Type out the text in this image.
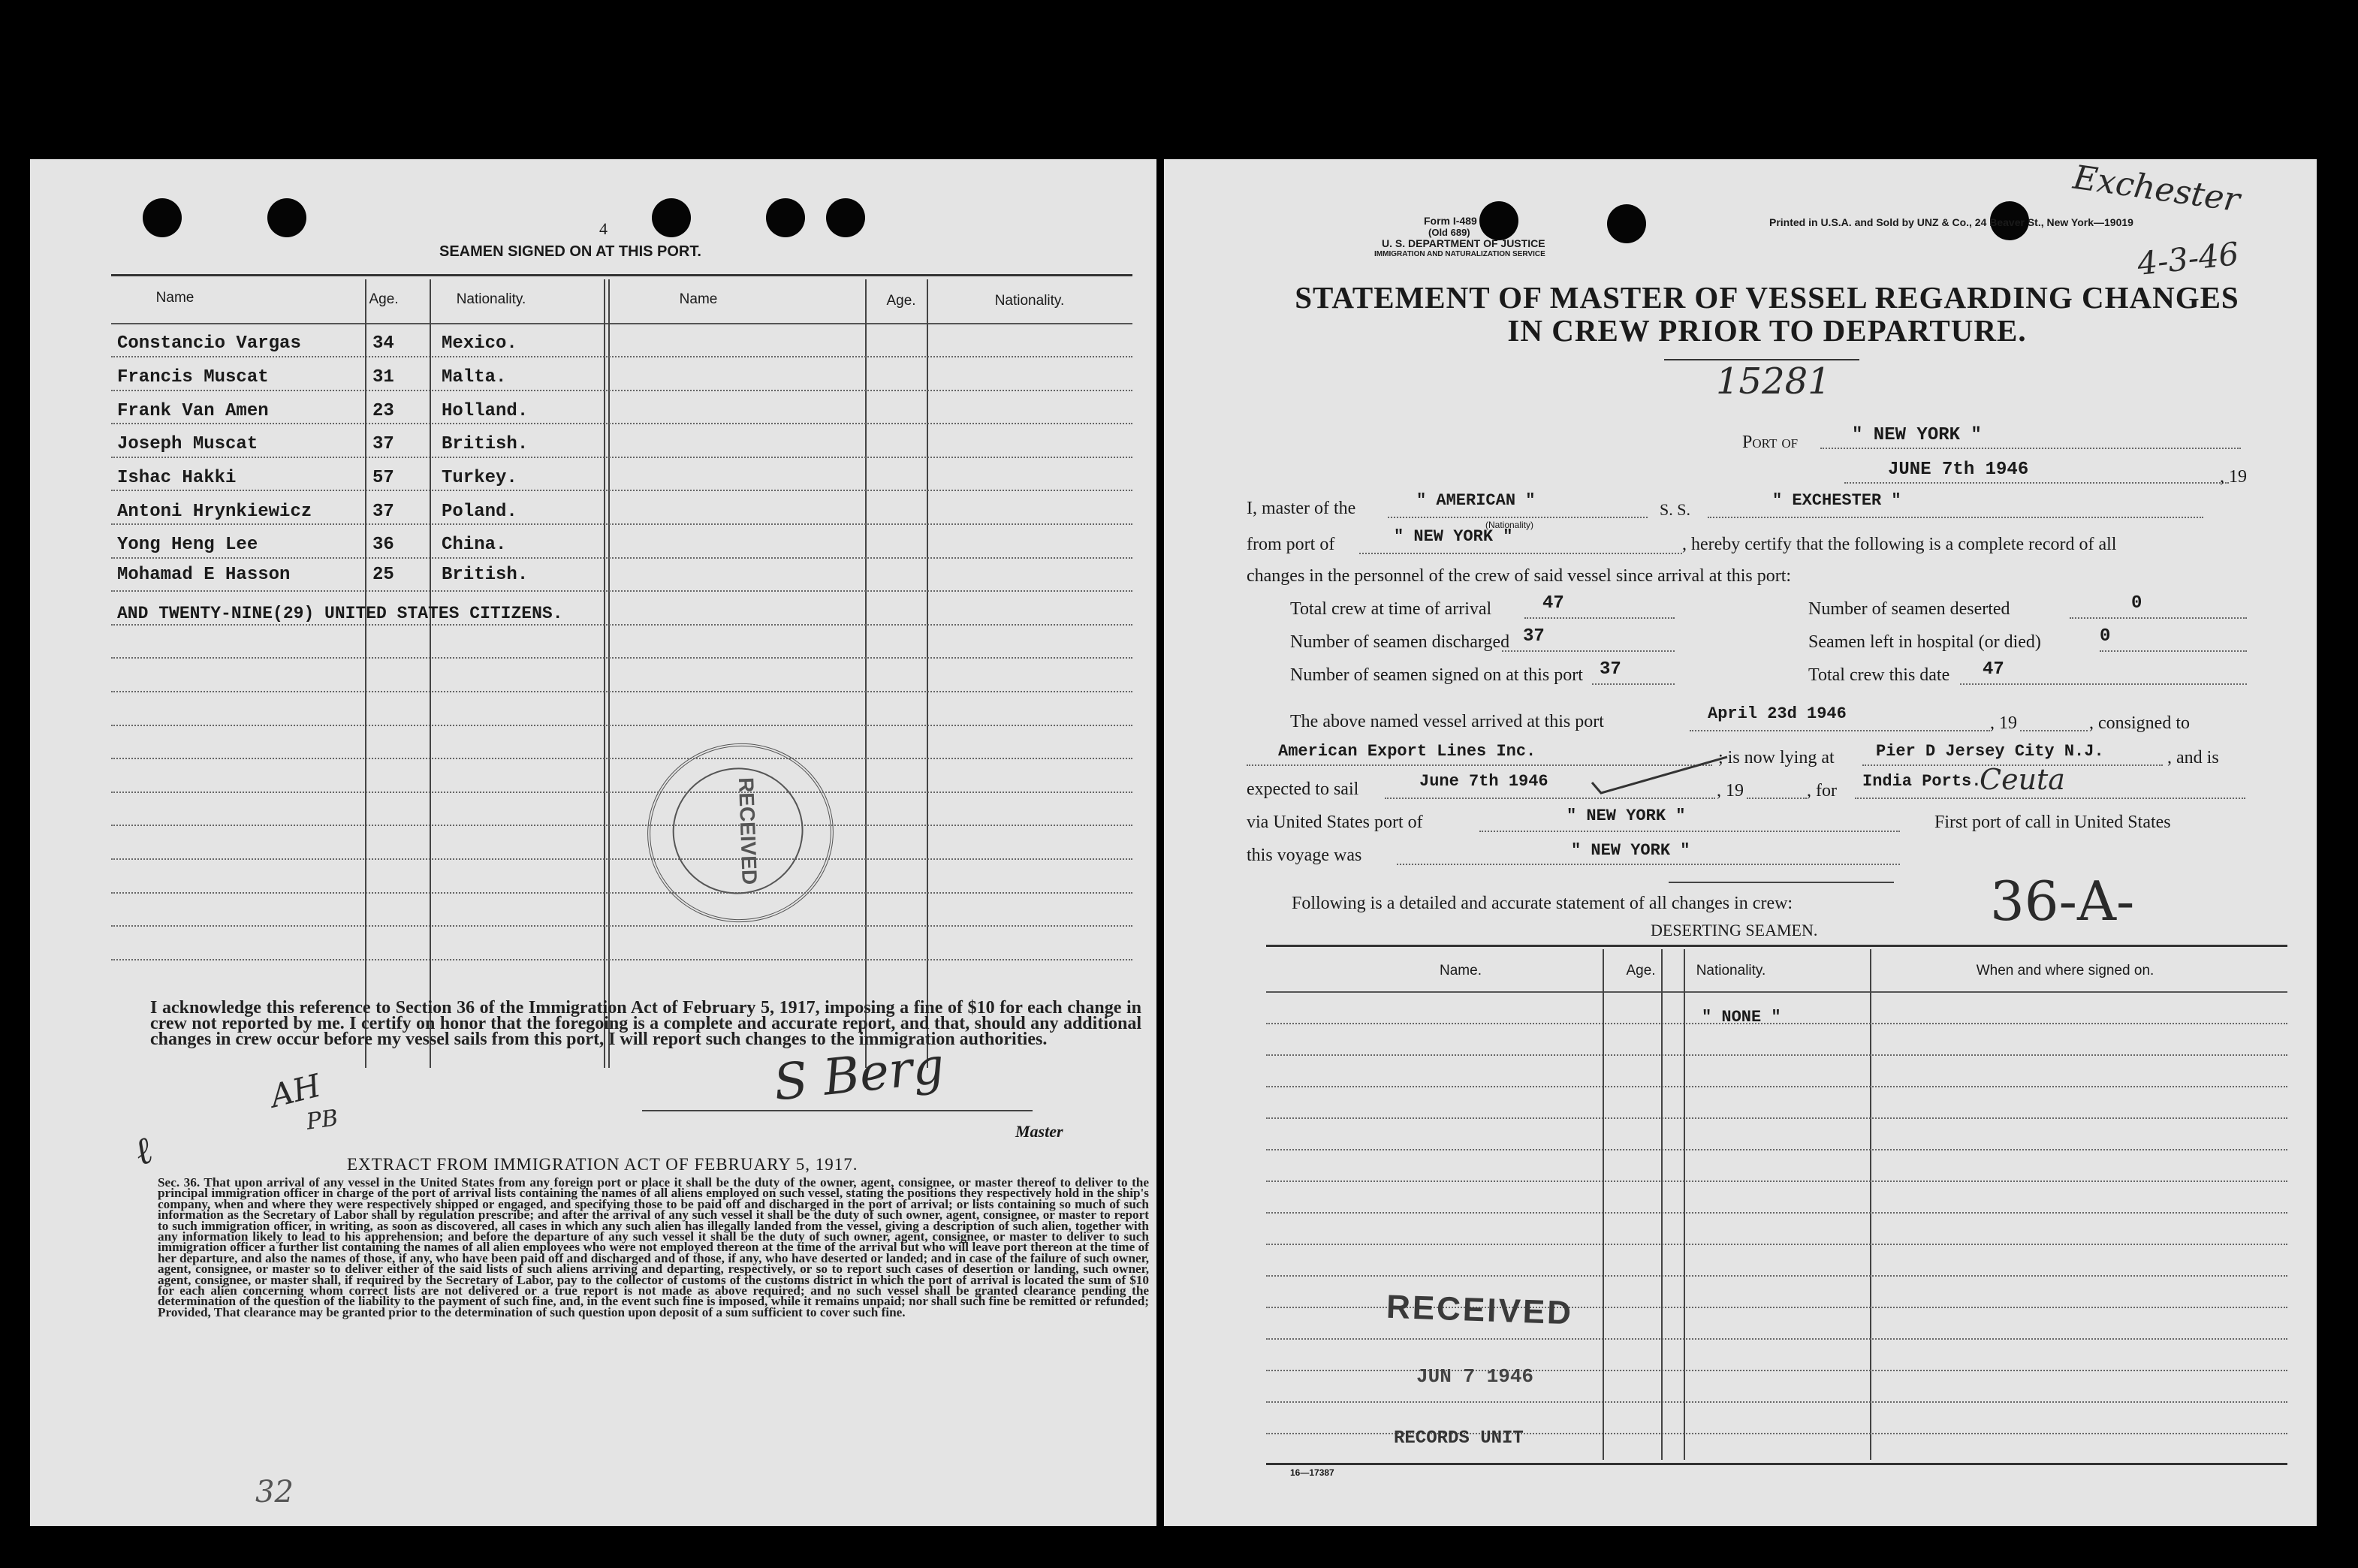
4
SEAMEN SIGNED ON AT THIS PORT.
Name	Age.	Nationality.	Name	Age.	Nationality.
Constancio Vargas	34	Mexico.
Francis Muscat	31	Malta.
Frank Van Amen	23	Holland.
Joseph Muscat	37	British.
Ishac Hakki	57	Turkey.
Antoni Hrynkiewicz	37	Poland.
Yong Heng Lee	36	China.
Mohamad E Hasson	25	British.
AND TWENTY-NINE(29) UNITED STATES CITIZENS.
RECEIVED
I acknowledge this reference to Section 36 of the Immigration Act of February 5, 1917, imposing a fine of $10 for each change in crew not reported by me. I certify on honor that the foregoing is a complete and accurate report, and that, should any additional changes in crew occur before my vessel sails from this port, I will report such changes to the immigration authorities.
S Berg
Master
AH
PB
ℓ	EXTRACT FROM IMMIGRATION ACT OF FEBRUARY 5, 1917.
Sec. 36. That upon arrival of any vessel in the United States from any foreign port or place it shall be the duty of the owner, agent, consignee, or master thereof to deliver to the principal immigration officer in charge of the port of arrival lists containing the names of all aliens employed on such vessel, stating the positions they respectively hold in the ship's company, when and where they were respectively shipped or engaged, and specifying those to be paid off and discharged in the port of arrival; or lists containing so much of such information as the Secretary of Labor shall by regulation prescribe; and after the arrival of any such vessel it shall be the duty of such owner, agent, consignee, or master to report to such immigration officer, in writing, as soon as discovered, all cases in which any such alien has illegally landed from the vessel, giving a description of such alien, together with any information likely to lead to his apprehension; and before the departure of any such vessel it shall be the duty of such owner, agent, consignee, or master to deliver to such immigration officer a further list containing the names of all alien employees who were not employed thereon at the time of the arrival but who will leave port thereon at the time of her departure, and also the names of those, if any, who have been paid off and discharged and of those, if any, who have deserted or landed; and in case of the failure of such owner, agent, consignee, or master so to deliver either of the said lists of such aliens arriving and departing, respectively, or so to report such cases of desertion or landing, such owner, agent, consignee, or master shall, if required by the Secretary of Labor, pay to the collector of customs of the customs district in which the port of arrival is located the sum of $10 for each alien concerning whom correct lists are not delivered or a true report is not made as above required; and no such vessel shall be granted clearance pending the determination of the question of the liability to the payment of such fine, and, in the event such fine is imposed, while it remains unpaid; nor shall such fine be remitted or refunded; Provided, That clearance may be granted prior to the determination of such question upon deposit of a sum sufficient to cover such fine.
32
Form I-489
(Old 689)
U. S. DEPARTMENT OF JUSTICE
IMMIGRATION AND NATURALIZATION SERVICE
Printed in U.S.A. and Sold by UNZ & Co., 24 Beaver St., New York—19019
Exchester
4-3-46
STATEMENT OF MASTER OF VESSEL REGARDING CHANGES
IN CREW PRIOR TO DEPARTURE.
15281
Port of	" NEW YORK "
JUNE 7th 1946	, 19
I, master of the	" AMERICAN "
(Nationality)
S. S.	" EXCHESTER "
from port of	" NEW YORK "	, hereby certify that the following is a complete record of all
changes in the personnel of the crew of said vessel since arrival at this port:
Total crew at time of arrival	47	Number of seamen deserted	0
Number of seamen discharged 37	Seamen left in hospital (or died)	0
Number of seamen signed on at this port 37	Total crew this date 47
The above named vessel arrived at this port	April 23d 1946	, 19	, consigned to
American Export Lines Inc.	; is now lying at	Pier D Jersey City N.J.	, and is
expected to sail	June 7th 1946	, 19	, for India Ports.
Ceuta
via United States port of	" NEW YORK "	First port of call in United States
this voyage was	" NEW YORK "
Following is a detailed and accurate statement of all changes in crew:	36-A-
DESERTING SEAMEN.
Name.	Age.	Nationality.	When and where signed on.
" NONE "
RECEIVED
JUN 7 1946
RECORDS UNIT
16—17387
